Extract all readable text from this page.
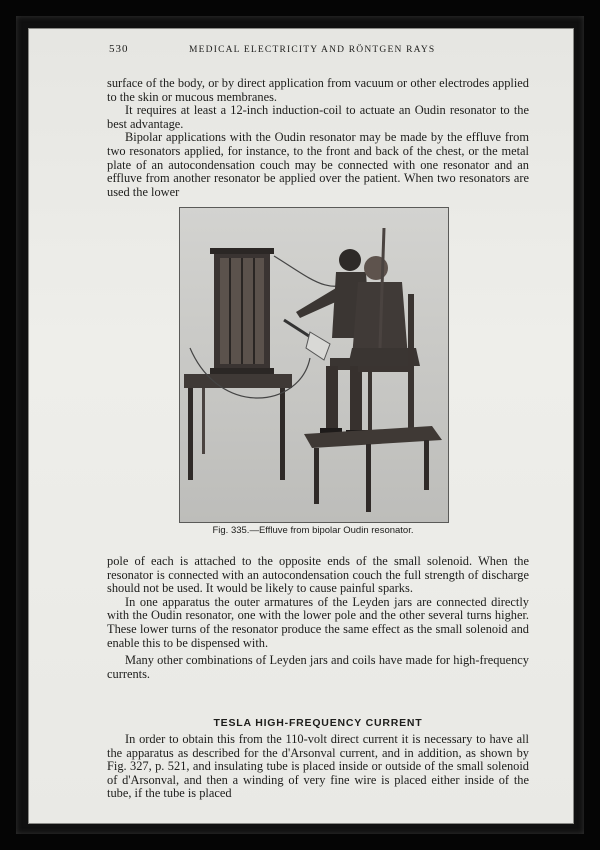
530	MEDICAL ELECTRICITY AND RÖNTGEN RAYS

surface of the body, or by direct application from vacuum or other electrodes applied to the skin or mucous membranes.

It requires at least a 12-inch induction-coil to actuate an Oudin resonator to the best advantage.

Bipolar applications with the Oudin resonator may be made by the effluve from two resonators applied, for instance, to the front and back of the chest, or the metal plate of an autocondensation couch may be connected with one resonator and an effluve from another resonator be applied over the patient. When two resonators are used the lower

Fig. 335.—Effluve from bipolar Oudin resonator.

pole of each is attached to the opposite ends of the small solenoid. When the resonator is connected with an autocondensation couch the full strength of discharge should not be used. It would be likely to cause painful sparks.

In one apparatus the outer armatures of the Leyden jars are connected directly with the Oudin resonator, one with the lower pole and the other several turns higher. These lower turns of the resonator produce the same effect as the small solenoid and enable this to be dispensed with.

Many other combinations of Leyden jars and coils have made for high-frequency currents.

TESLA HIGH-FREQUENCY CURRENT

In order to obtain this from the 110-volt direct current it is necessary to have all the apparatus as described for the d'Arsonval current, and in addition, as shown by Fig. 327, p. 521, and insulating tube is placed inside or outside of the small solenoid of d'Arsonval, and then a winding of very fine wire is placed either inside of the tube, if the tube is placed
